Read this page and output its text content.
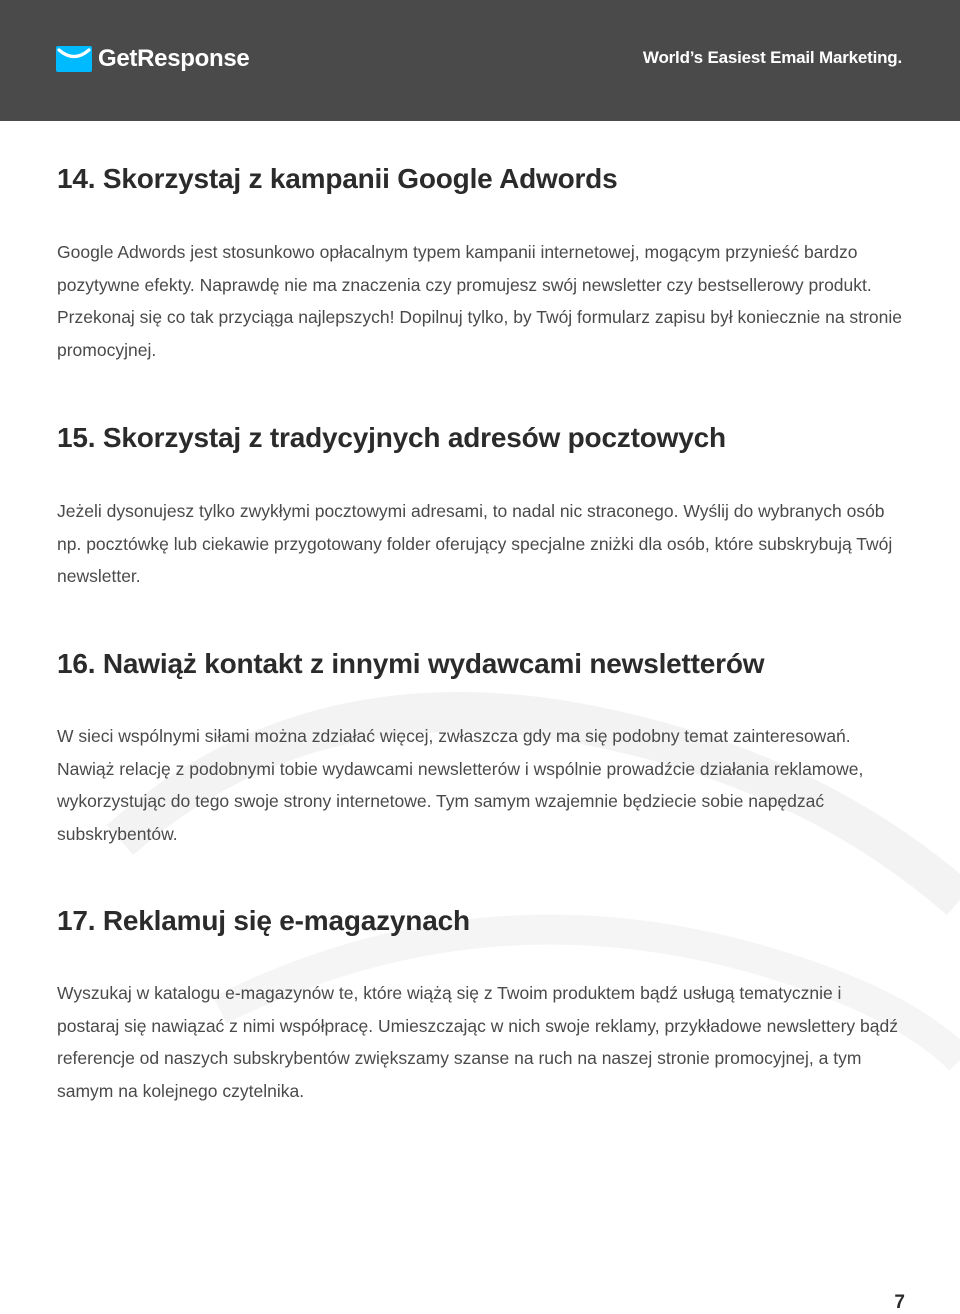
GetResponse	World’s Easiest Email Marketing.
14. Skorzystaj z kampanii Google Adwords

Google Adwords jest stosunkowo opłacalnym typem kampanii internetowej, mogącym przynieść bardzo pozytywne efekty. Naprawdę nie ma znaczenia czy promujesz swój newsletter czy bestsellerowy produkt. Przekonaj się co tak przyciąga najlepszych! Dopilnuj tylko, by Twój formularz zapisu był koniecznie na stronie promocyjnej.

15. Skorzystaj z tradycyjnych adresów pocztowych

Jeżeli dysonujesz tylko zwykłymi pocztowymi adresami, to nadal nic straconego. Wyślij do wybranych osób np. pocztówkę lub ciekawie przygotowany folder oferujący specjalne zniżki dla osób, które subskrybują Twój newsletter.

16. Nawiąż kontakt z innymi wydawcami newsletterów

W sieci wspólnymi siłami można zdziałać więcej, zwłaszcza gdy ma się podobny temat zainteresowań. Nawiąż relację z podobnymi tobie wydawcami newsletterów i wspólnie prowadźcie działania reklamowe, wykorzystując do tego swoje strony internetowe. Tym samym wzajemnie będziecie sobie napędzać subskrybentów.

17. Reklamuj się e-magazynach

Wyszukaj w katalogu e-magazynów te, które wiążą się z Twoim produktem bądź usługą tematycznie i postaraj się nawiązać z nimi współpracę. Umieszczając w nich swoje reklamy, przykładowe newslettery bądź referencje od naszych subskrybentów zwiększamy szanse na ruch na naszej stronie promocyjnej, a tym samym na kolejnego czytelnika.

7
